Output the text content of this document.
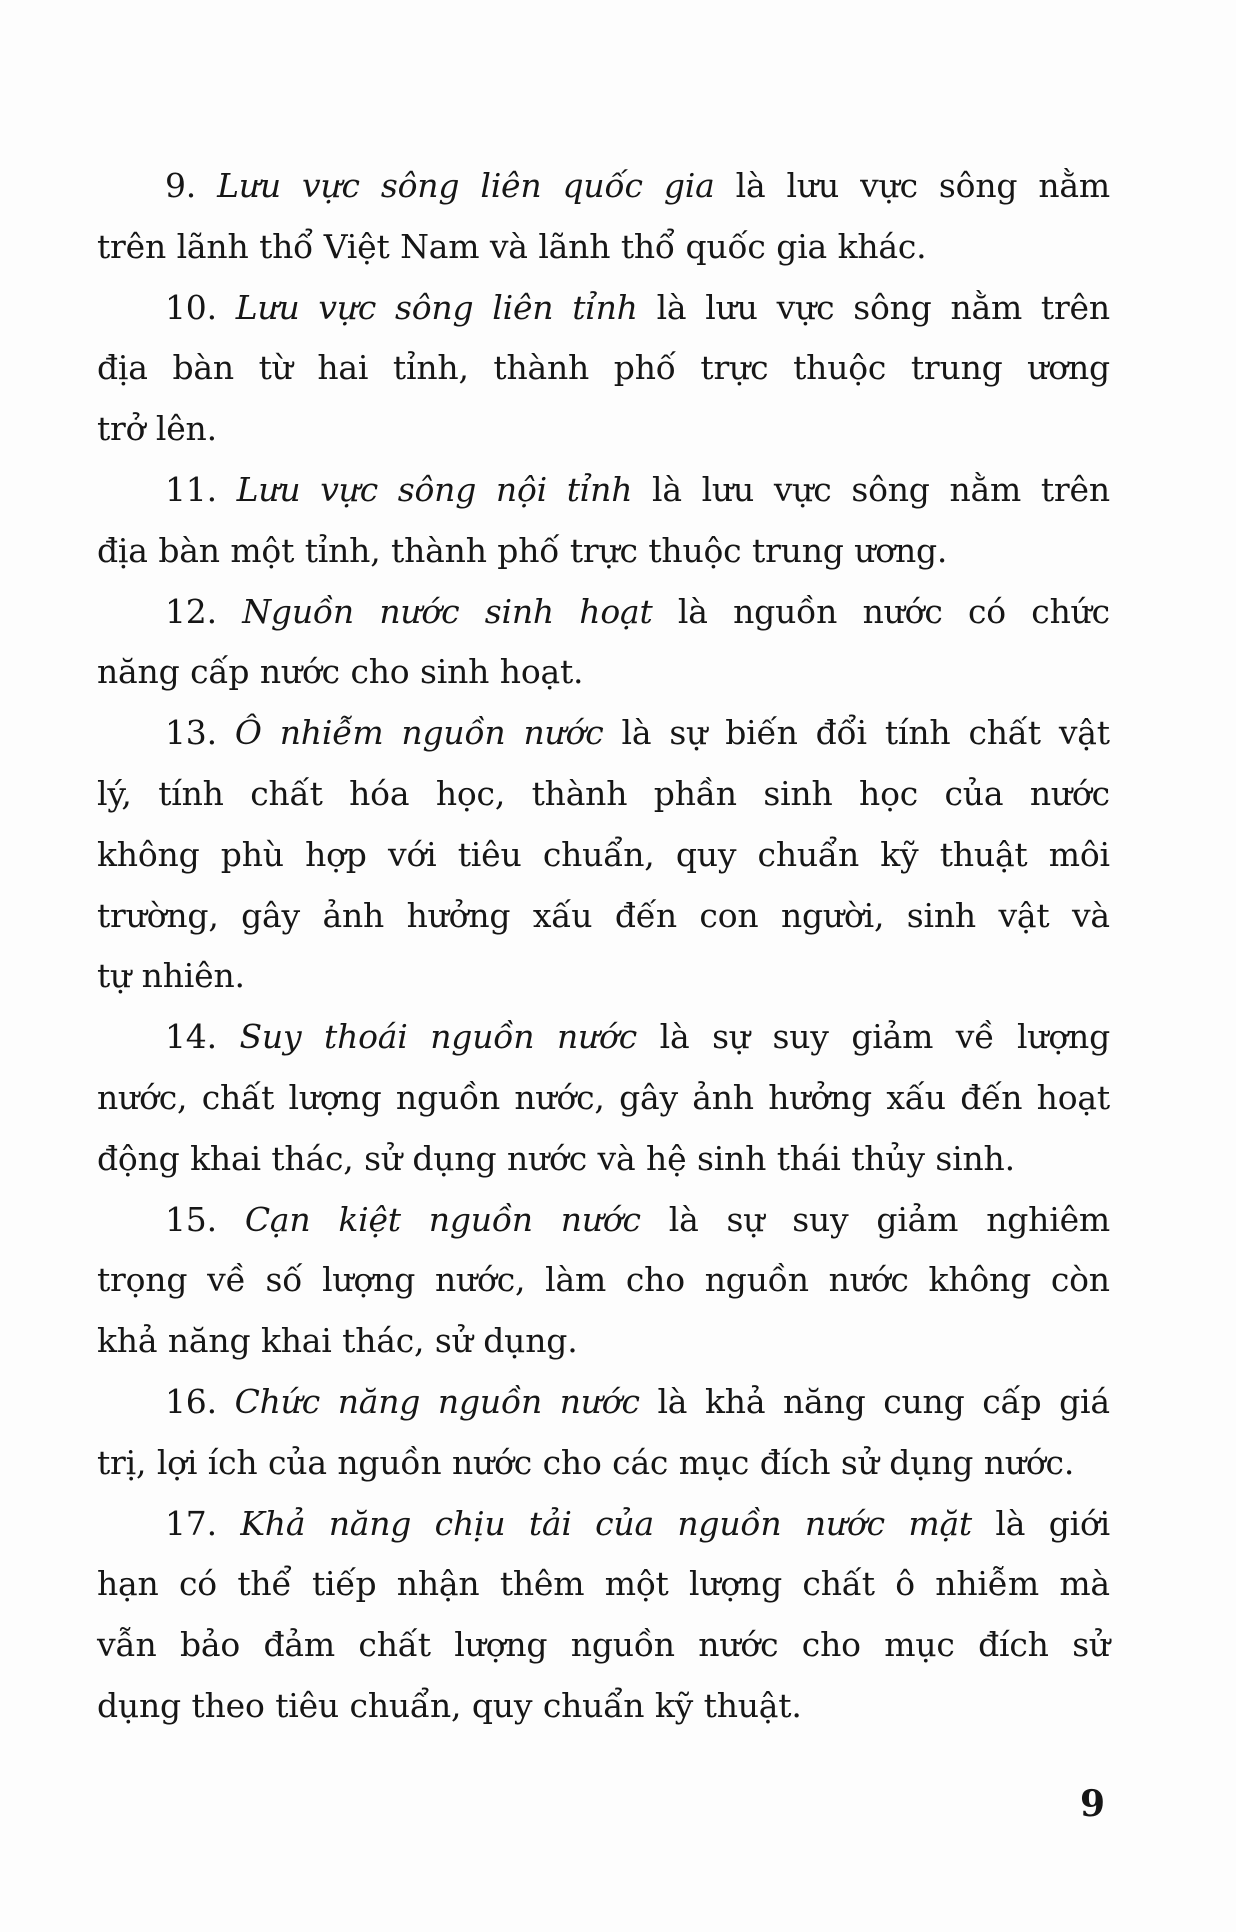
9. Lưu vực sông liên quốc gia là lưu vực sông nằm
trên lãnh thổ Việt Nam và lãnh thổ quốc gia khác.
10. Lưu vực sông liên tỉnh là lưu vực sông nằm trên
địa bàn từ hai tỉnh, thành phố trực thuộc trung ương
trở lên.
11. Lưu vực sông nội tỉnh là lưu vực sông nằm trên
địa bàn một tỉnh, thành phố trực thuộc trung ương.
12. Nguồn nước sinh hoạt là nguồn nước có chức
năng cấp nước cho sinh hoạt.
13. Ô nhiễm nguồn nước là sự biến đổi tính chất vật
lý, tính chất hóa học, thành phần sinh học của nước
không phù hợp với tiêu chuẩn, quy chuẩn kỹ thuật môi
trường, gây ảnh hưởng xấu đến con người, sinh vật và
tự nhiên.
14. Suy thoái nguồn nước là sự suy giảm về lượng
nước, chất lượng nguồn nước, gây ảnh hưởng xấu đến hoạt
động khai thác, sử dụng nước và hệ sinh thái thủy sinh.
15. Cạn kiệt nguồn nước là sự suy giảm nghiêm
trọng về số lượng nước, làm cho nguồn nước không còn
khả năng khai thác, sử dụng.
16. Chức năng nguồn nước là khả năng cung cấp giá
trị, lợi ích của nguồn nước cho các mục đích sử dụng nước.
17. Khả năng chịu tải của nguồn nước mặt là giới
hạn có thể tiếp nhận thêm một lượng chất ô nhiễm mà
vẫn bảo đảm chất lượng nguồn nước cho mục đích sử
dụng theo tiêu chuẩn, quy chuẩn kỹ thuật.
9
